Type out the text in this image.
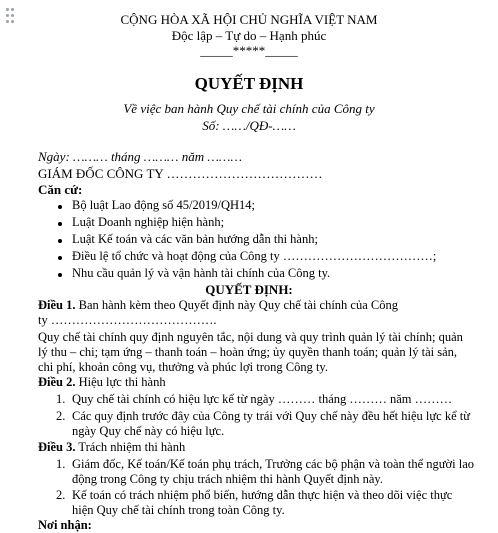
CỘNG HÒA XÃ HỘI CHỦ NGHĨA VIỆT NAM
Độc lập – Tự do – Hạnh phúc
_____*****_____
QUYẾT ĐỊNH
Về việc ban hành Quy chế tài chính của Công ty
Số: ……/QĐ-……
Ngày: ……… tháng ……… năm ………
GIÁM ĐỐC CÔNG TY ………………………………
Căn cứ:
Bộ luật Lao động số 45/2019/QH14;
Luật Doanh nghiệp hiện hành;
Luật Kế toán và các văn bản hướng dẫn thi hành;
Điều lệ tổ chức và hoạt động của Công ty ………………………………;
Nhu cầu quản lý và vận hành tài chính của Công ty.
QUYẾT ĐỊNH:
Điều 1. Ban hành kèm theo Quyết định này Quy chế tài chính của Công
ty ………………………………….
Quy chế tài chính quy định nguyên tắc, nội dung và quy trình quản lý tài chính; quản
lý thu – chi; tạm ứng – thanh toán – hoàn ứng; ủy quyền thanh toán; quản lý tài sản,
chi phí, khoản công vụ, thưởng và phúc lợi trong Công ty.
Điều 2. Hiệu lực thi hành
1. Quy chế tài chính có hiệu lực kể từ ngày ……… tháng ……… năm ………
2. Các quy định trước đây của Công ty trái với Quy chế này đều hết hiệu lực kể từ
ngày Quy chế này có hiệu lực.
Điều 3. Trách nhiệm thi hành
1. Giám đốc, Kế toán/Kế toán phụ trách, Trưởng các bộ phận và toàn thể người lao
động trong Công ty chịu trách nhiệm thi hành Quyết định này.
2. Kế toán có trách nhiệm phổ biến, hướng dẫn thực hiện và theo dõi việc thực
hiện Quy chế tài chính trong toàn Công ty.
Nơi nhận:
